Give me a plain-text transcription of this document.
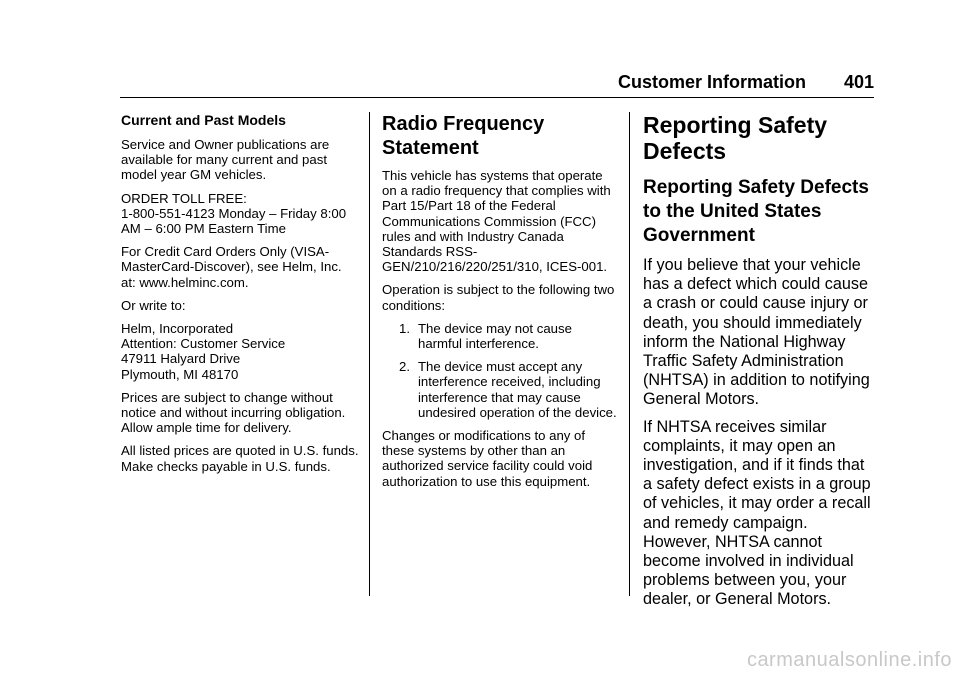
Customer Information 401
Current and Past Models

Service and Owner publications are available for many current and past model year GM vehicles.

ORDER TOLL FREE:
1-800-551-4123 Monday – Friday 8:00 AM – 6:00 PM Eastern Time

For Credit Card Orders Only (VISA-MasterCard-Discover), see Helm, Inc. at: www.helminc.com.

Or write to:

Helm, Incorporated
Attention: Customer Service
47911 Halyard Drive
Plymouth, MI 48170

Prices are subject to change without notice and without incurring obligation. Allow ample time for delivery.

All listed prices are quoted in U.S. funds. Make checks payable in U.S. funds.

Radio Frequency Statement

This vehicle has systems that operate on a radio frequency that complies with Part 15/Part 18 of the Federal Communications Commission (FCC) rules and with Industry Canada Standards RSS-GEN/210/216/220/251/310, ICES-001.

Operation is subject to the following two conditions:

1. The device may not cause harmful interference.
2. The device must accept any interference received, including interference that may cause undesired operation of the device.

Changes or modifications to any of these systems by other than an authorized service facility could void authorization to use this equipment.

Reporting Safety Defects
Reporting Safety Defects to the United States Government

If you believe that your vehicle has a defect which could cause a crash or could cause injury or death, you should immediately inform the National Highway Traffic Safety Administration (NHTSA) in addition to notifying General Motors.

If NHTSA receives similar complaints, it may open an investigation, and if it finds that a safety defect exists in a group of vehicles, it may order a recall and remedy campaign. However, NHTSA cannot become involved in individual problems between you, your dealer, or General Motors.

carmanualsonline.info
